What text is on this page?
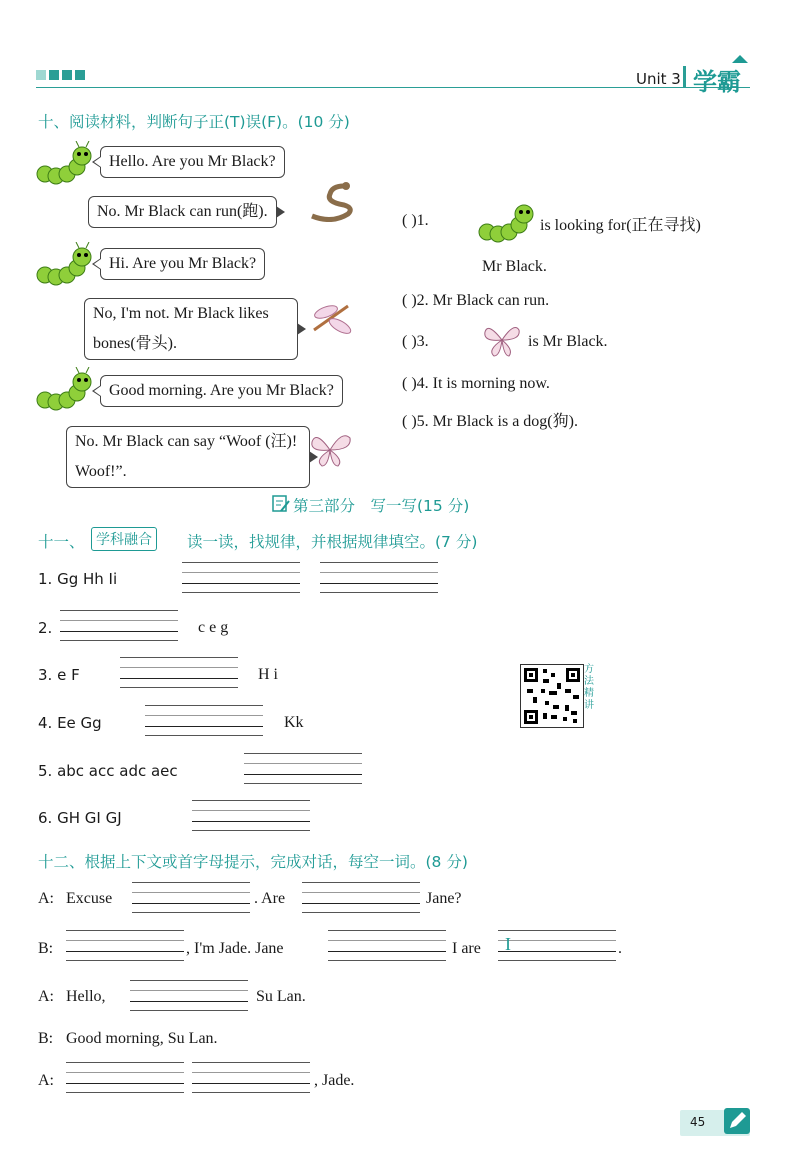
Unit 3 学霸
十、阅读材料，判断句子正(T)误(F)。(10 分)
Hello. Are you Mr Black?
No. Mr Black can run(跑).
Hi. Are you Mr Black?
No, I'm not. Mr Black likes bones(骨头).
Good morning. Are you Mr Black?
No. Mr Black can say “Woof (汪)! Woof!”.
( )1.	is looking for(正在寻找)
Mr Black.
( )2. Mr Black can run.
( )3.	is Mr Black.
( )4. It is morning now.
( )5. Mr Black is a dog(狗).
第三部分　写一写(15 分)
十一、 学科融合	读一读，找规律，并根据规律填空。(7 分)
1. Gg Hh Ii
2.	c e g
3. e F	H i
4. Ee Gg	Kk
5. abc acc adc aec
6. GH GI GJ
方法精讲
十二、根据上下文或首字母提示，完成对话，每空一词。(8 分)
A: Excuse	. Are	Jane?
B:	, I'm Jade. Jane	I are I	.
A: Hello,	Su Lan.
B: Good morning, Su Lan.
A:	, Jade.
45
